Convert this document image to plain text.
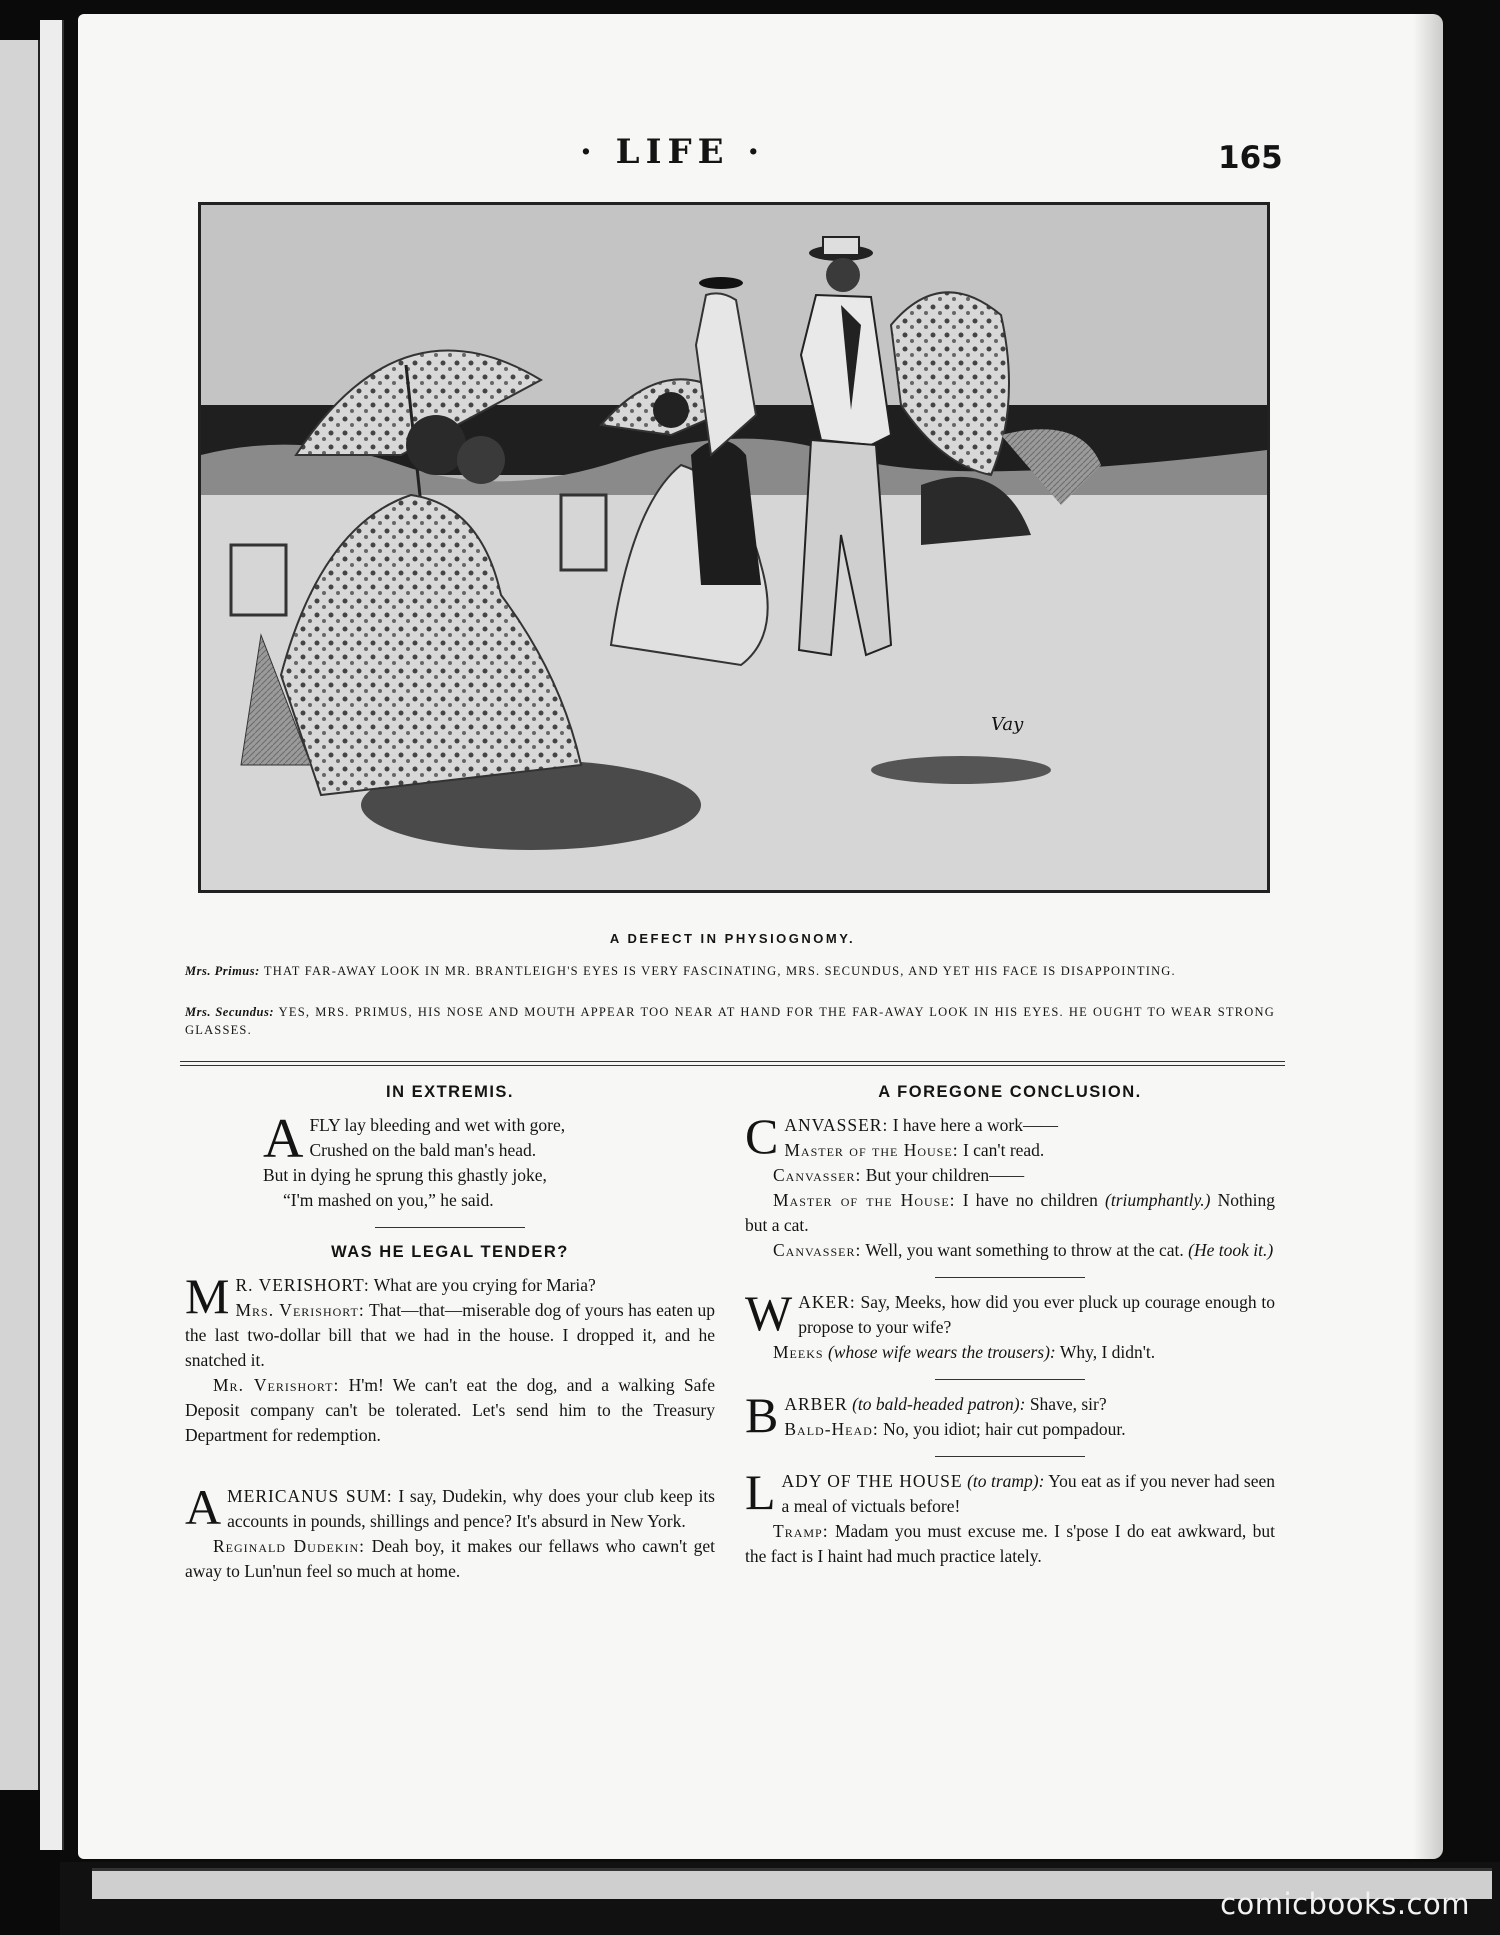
· LIFE ·	165
Vay
A DEFECT IN PHYSIOGNOMY.
Mrs. Primus: THAT FAR-AWAY LOOK IN MR. BRANTLEIGH'S EYES IS VERY FASCINATING, MRS. SECUNDUS, AND YET HIS FACE IS DISAPPOINTING.
Mrs. Secundus: YES, MRS. PRIMUS, HIS NOSE AND MOUTH APPEAR TOO NEAR AT HAND FOR THE FAR-AWAY LOOK IN HIS EYES. HE OUGHT TO WEAR STRONG GLASSES.
IN EXTREMIS.
A FLY lay bleeding and wet with gore,
Crushed on the bald man's head.
But in dying he sprung this ghastly joke,
“I'm mashed on you,” he said.
WAS HE LEGAL TENDER?
M R. VERISHORT: What are you crying for Maria?
Mrs. Verishort: That—that—miserable dog of yours has eaten up the last two-dollar bill that we had in the house. I dropped it, and he snatched it.
Mr. Verishort: H'm! We can't eat the dog, and a walking Safe Deposit company can't be tolerated. Let's send him to the Treasury Department for redemption.
A MERICANUS SUM: I say, Dudekin, why does your club keep its accounts in pounds, shillings and pence? It's absurd in New York.
Reginald Dudekin: Deah boy, it makes our fellaws who cawn't get away to Lun'nun feel so much at home.
A FOREGONE CONCLUSION.
C ANVASSER: I have here a work——
Master of the House: I can't read.
Canvasser: But your children——
Master of the House: I have no children (triumphantly.) Nothing but a cat.
Canvasser: Well, you want something to throw at the cat. (He took it.)
W AKER: Say, Meeks, how did you ever pluck up courage enough to propose to your wife?
Meeks (whose wife wears the trousers): Why, I didn't.
B ARBER (to bald-headed patron): Shave, sir?
Bald-Head: No, you idiot; hair cut pompadour.
L ADY OF THE HOUSE (to tramp): You eat as if you never had seen a meal of victuals before!
Tramp: Madam you must excuse me. I s'pose I do eat awkward, but the fact is I haint had much practice lately.
comicbooks.com
